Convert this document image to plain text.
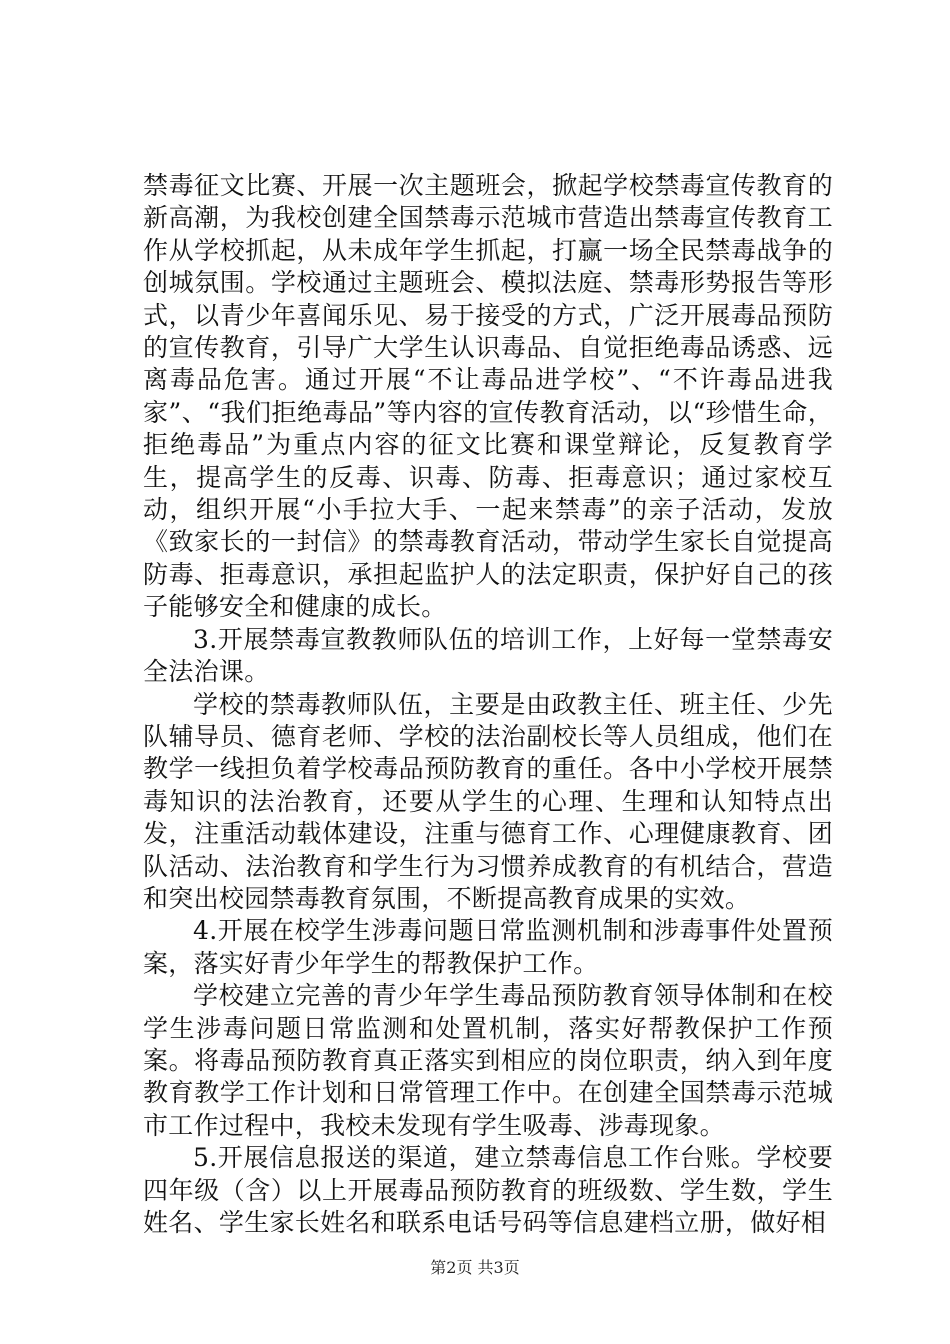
禁毒征文比赛、开展一次主题班会，掀起学校禁毒宣传教育的新高潮，为我校创建全国禁毒示范城市营造出禁毒宣传教育工作从学校抓起，从未成年学生抓起，打赢一场全民禁毒战争的创城氛围。学校通过主题班会、模拟法庭、禁毒形势报告等形式，以青少年喜闻乐见、易于接受的方式，广泛开展毒品预防的宣传教育，引导广大学生认识毒品、自觉拒绝毒品诱惑、远离毒品危害。通过开展“不让毒品进学校”、“不许毒品进我家”、“我们拒绝毒品”等内容的宣传教育活动，以“珍惜生命，拒绝毒品”为重点内容的征文比赛和课堂辩论，反复教育学生，提高学生的反毒、识毒、防毒、拒毒意识；通过家校互动，组织开展“小手拉大手、一起来禁毒”的亲子活动，发放《致家长的一封信》的禁毒教育活动，带动学生家长自觉提高防毒、拒毒意识，承担起监护人的法定职责，保护好自己的孩子能够安全和健康的成长。

3.开展禁毒宣教教师队伍的培训工作，上好每一堂禁毒安全法治课。

学校的禁毒教师队伍，主要是由政教主任、班主任、少先队辅导员、德育老师、学校的法治副校长等人员组成，他们在教学一线担负着学校毒品预防教育的重任。各中小学校开展禁毒知识的法治教育，还要从学生的心理、生理和认知特点出发，注重活动载体建设，注重与德育工作、心理健康教育、团队活动、法治教育和学生行为习惯养成教育的有机结合，营造和突出校园禁毒教育氛围，不断提高教育成果的实效。

4.开展在校学生涉毒问题日常监测机制和涉毒事件处置预案，落实好青少年学生的帮教保护工作。

学校建立完善的青少年学生毒品预防教育领导体制和在校学生涉毒问题日常监测和处置机制，落实好帮教保护工作预案。将毒品预防教育真正落实到相应的岗位职责，纳入到年度教育教学工作计划和日常管理工作中。在创建全国禁毒示范城市工作过程中，我校未发现有学生吸毒、涉毒现象。

5.开展信息报送的渠道，建立禁毒信息工作台账。学校要四年级（含）以上开展毒品预防教育的班级数、学生数，学生姓名、学生家长姓名和联系电话号码等信息建档立册，做好相

第2页 共3页
